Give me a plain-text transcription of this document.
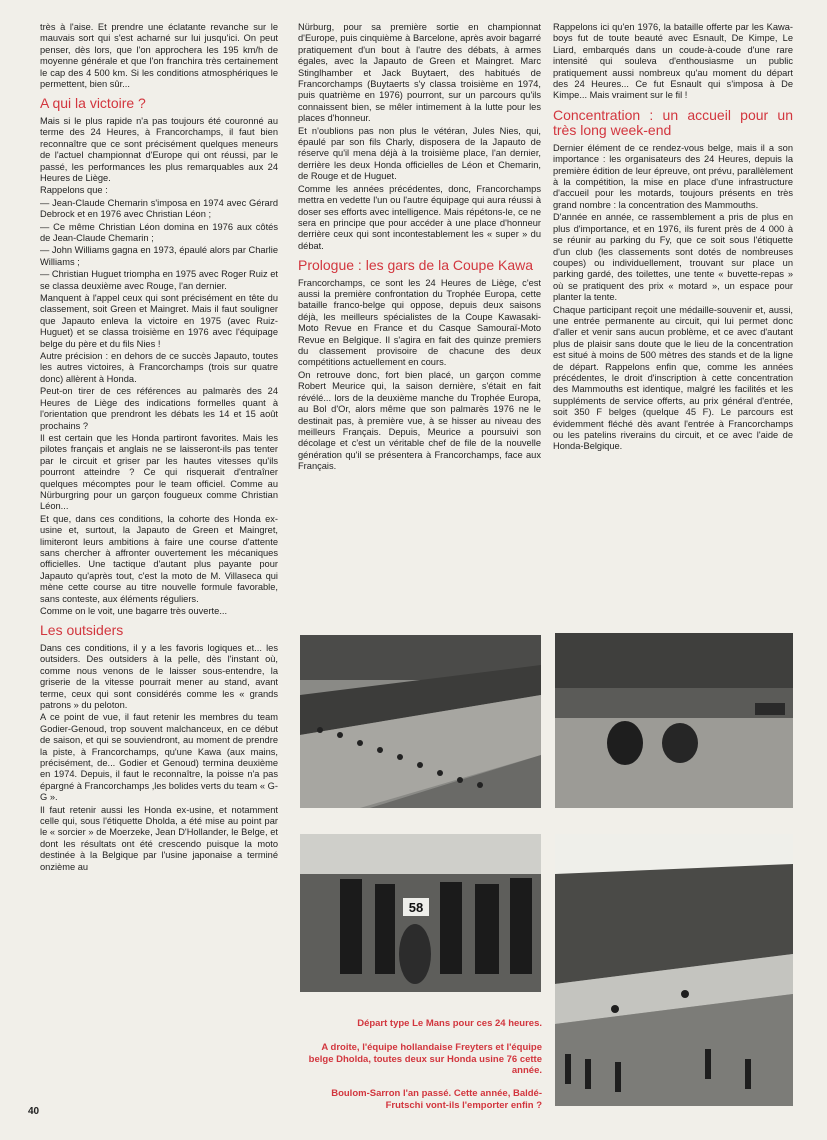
très à l'aise. Et prendre une éclatante revanche sur le mauvais sort qui s'est acharné sur lui jusqu'ici. On peut penser, dès lors, que l'on approchera les 195 km/h de moyenne générale et que l'on franchira très certainement le cap des 4 500 km. Si les conditions atmosphériques le permettent, bien sûr...

A qui la victoire ?

Mais si le plus rapide n'a pas toujours été couronné au terme des 24 Heures, à Francorchamps, il faut bien reconnaître que ce sont précisément quelques meneurs de l'actuel championnat d'Europe qui ont réussi, par le passé, les performances les plus remarquables aux 24 Heures de Liège.

Rappelons que :

— Jean-Claude Chemarin s'imposa en 1974 avec Gérard Debrock et en 1976 avec Christian Léon ;

— Ce même Christian Léon domina en 1976 aux côtés de Jean-Claude Chemarin ;

— John Williams gagna en 1973, épaulé alors par Charlie Williams ;

— Christian Huguet triompha en 1975 avec Roger Ruiz et se classa deuxième avec Rouge, l'an dernier.

Manquent à l'appel ceux qui sont précisément en tête du classement, soit Green et Maingret. Mais il faut souligner que Japauto enleva la victoire en 1975 (avec Ruiz-Huguet) et se classa troisième en 1976 avec l'équipage belge du père et du fils Nies !

Autre précision : en dehors de ce succès Japauto, toutes les autres victoires, à Francorchamps (trois sur quatre donc) allèrent à Honda.

Peut-on tirer de ces références au palmarès des 24 Heures de Liège des indications formelles quant à l'orientation que prendront les débats les 14 et 15 août prochains ?

Il est certain que les Honda partiront favorites. Mais les pilotes français et anglais ne se laisseront-ils pas tenter par le circuit et griser par les hautes vitesses qu'ils pourront atteindre ? Ce qui risquerait d'entraîner quelques mécomptes pour le team officiel. Comme au Nürburgring pour un garçon fougueux comme Christian Léon...

Et que, dans ces conditions, la cohorte des Honda ex-usine et, surtout, la Japauto de Green et Maingret, limiteront leurs ambitions à faire une course d'attente sans chercher à affronter ouvertement les mécaniques officielles. Une tactique d'autant plus payante pour Japauto qu'après tout, c'est la moto de M. Villaseca qui mène cette course au titre nouvelle formule favorable, sans conteste, aux éléments réguliers.

Comme on le voit, une bagarre très ouverte...

Les outsiders

Dans ces conditions, il y a les favoris logiques et... les outsiders. Des outsiders à la pelle, dès l'instant où, comme nous venons de le laisser sous-entendre, la griserie de la vitesse pourrait mener au stand, avant terme, ceux qui sont considérés comme les « grands patrons » du peloton.

A ce point de vue, il faut retenir les membres du team Godier-Genoud, trop souvent malchanceux, en ce début de saison, et qui se souviendront, au moment de prendre la piste, à Francorchamps, qu'une Kawa (aux mains, précisément, de... Godier et Genoud) termina deuxième en 1974. Depuis, il faut le reconnaître, la poisse n'a pas épargné à Francorchamps ,les bolides verts du team « G-G ».

Il faut retenir aussi les Honda ex-usine, et notamment celle qui, sous l'étiquette Dholda, a été mise au point par le « sorcier » de Moerzeke, Jean D'Hollander, le Belge, et dont les résultats ont été crescendo puisque la moto destinée à la Belgique par l'usine japonaise a terminé onzième au

Nürburg, pour sa première sortie en championnat d'Europe, puis cinquième à Barcelone, après avoir bagarré pratiquement d'un bout à l'autre des débats, à armes égales, avec la Japauto de Green et Maingret. Marc Stinglhamber et Jack Buytaert, des habitués de Francorchamps (Buytaerts s'y classa troisième en 1974, puis quatrième en 1976) pourront, sur un parcours qu'ils connaissent bien, se mêler intimement à la lutte pour les places d'honneur.

Et n'oublions pas non plus le vétéran, Jules Nies, qui, épaulé par son fils Charly, disposera de la Japauto de réserve qu'il mena déjà à la troisième place, l'an dernier, derrière les deux Honda officielles de Léon et Chemarin, de Rouge et de Huguet.

Comme les années précédentes, donc, Francorchamps mettra en vedette l'un ou l'autre équipage qui aura réussi à doser ses efforts avec intelligence. Mais répétons-le, ce ne sera en principe que pour accéder à une place d'honneur derrière ceux qui sont incontestablement les « super » du débat.

Prologue : les gars de la Coupe Kawa

Francorchamps, ce sont les 24 Heures de Liège, c'est aussi la première confrontation du Trophée Europa, cette bataille franco-belge qui oppose, depuis deux saisons déjà, les meilleurs spécialistes de la Coupe Kawasaki-Moto Revue en France et du Casque Samouraï-Moto Revue en Belgique. Il s'agira en fait des quinze premiers du classement provisoire de chacune des deux compétitions actuellement en cours.

On retrouve donc, fort bien placé, un garçon comme Robert Meurice qui, la saison dernière, s'était en fait révélé... lors de la deuxième manche du Trophée Europa, au Bol d'Or, alors même que son palmarès 1976 ne le destinait pas, à première vue, à se hisser au niveau des meilleurs Français. Depuis, Meurice a poursuivi son décolage et c'est un véritable chef de file de la nouvelle génération qu'il se présentera à Francorchamps, face aux Français.

Rappelons ici qu'en 1976, la bataille offerte par les Kawa-boys fut de toute beauté avec Esnault, De Kimpe, Le Liard, embarqués dans un coude-à-coude d'une rare intensité qui souleva d'enthousiasme un public pratiquement aussi nombreux qu'au moment du départ des 24 Heures... Ce fut Esnault qui s'imposa à De Kimpe... Mais vraiment sur le fil !

Concentration : un accueil pour un très long week-end

Dernier élément de ce rendez-vous belge, mais il a son importance : les organisateurs des 24 Heures, depuis la première édition de leur épreuve, ont prévu, parallèlement à la compétition, la mise en place d'une infrastructure d'accueil pour les motards, toujours présents en très grand nombre : la concentration des Mammouths.

D'année en année, ce rassemblement a pris de plus en plus d'importance, et en 1976, ils furent près de 4 000 à se réunir au parking du Fy, que ce soit sous l'étiquette d'un club (les classements sont dotés de nombreuses coupes) ou individuellement, trouvant sur place un parking gardé, des toilettes, une tente « buvette-repas » où se pratiquent des prix « motard », un espace pour planter la tente.

Chaque participant reçoit une médaille-souvenir et, aussi, une entrée permanente au circuit, qui lui permet donc d'aller et venir sans aucun problème, et ce avec d'autant plus de plaisir sans doute que le lieu de la concentration est situé à moins de 500 mètres des stands et de la ligne de départ. Rappelons enfin que, comme les années précédentes, le droit d'inscription à cette concentration des Mammouths est identique, malgré les facilités et les suppléments de service offerts, au prix général d'entrée, soit 350 F belges (quelque 45 F). Le parcours est évidemment fléché dès avant l'entrée à Francorchamps ou les patelins riverains du circuit, et ce avec l'aide de Honda-Belgique.

58

Départ type Le Mans pour ces 24 heures.

A droite, l'équipe hollandaise Freyters et l'équipe belge Dholda, toutes deux sur Honda usine 76 cette année.

Boulom-Sarron l'an passé. Cette année, Baldé-Frutschi vont-ils l'emporter enfin ?

40
